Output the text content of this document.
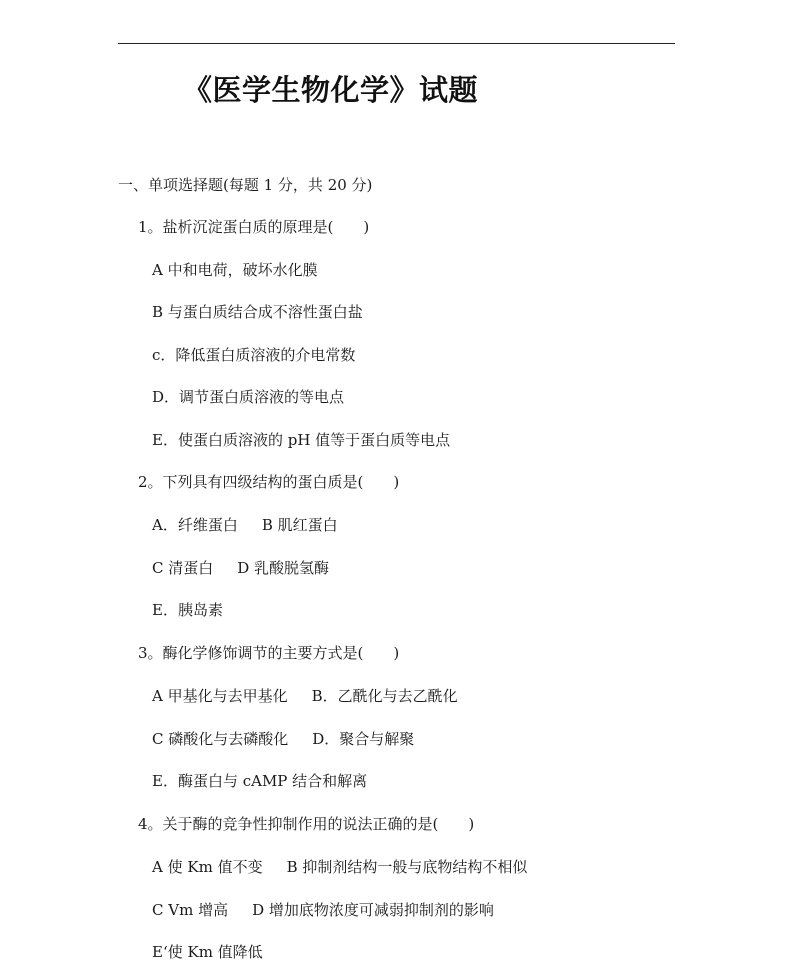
《医学生物化学》试题
一、单项选择题(每题 1 分，共 20 分)
1。盐析沉淀蛋白质的原理是(　　)
A 中和电荷，破坏水化膜
B 与蛋白质结合成不溶性蛋白盐
c．降低蛋白质溶液的介电常数
D．调节蛋白质溶液的等电点
E．使蛋白质溶液的 pH 值等于蛋白质等电点
2。下列具有四级结构的蛋白质是(　　)
A．纤维蛋白 B 肌红蛋白
C 清蛋白 D 乳酸脱氢酶
E．胰岛素
3。酶化学修饰调节的主要方式是(　　)
A 甲基化与去甲基化 B．乙酰化与去乙酰化
C 磷酸化与去磷酸化 D．聚合与解聚
E．酶蛋白与 cAMP 结合和解离
4。关于酶的竞争性抑制作用的说法正确的是(　　)
A 使 Km 值不变 B 抑制剂结构一般与底物结构不相似
C Vm 增高 D 增加底物浓度可减弱抑制剂的影响
E‘使 Km 值降低
